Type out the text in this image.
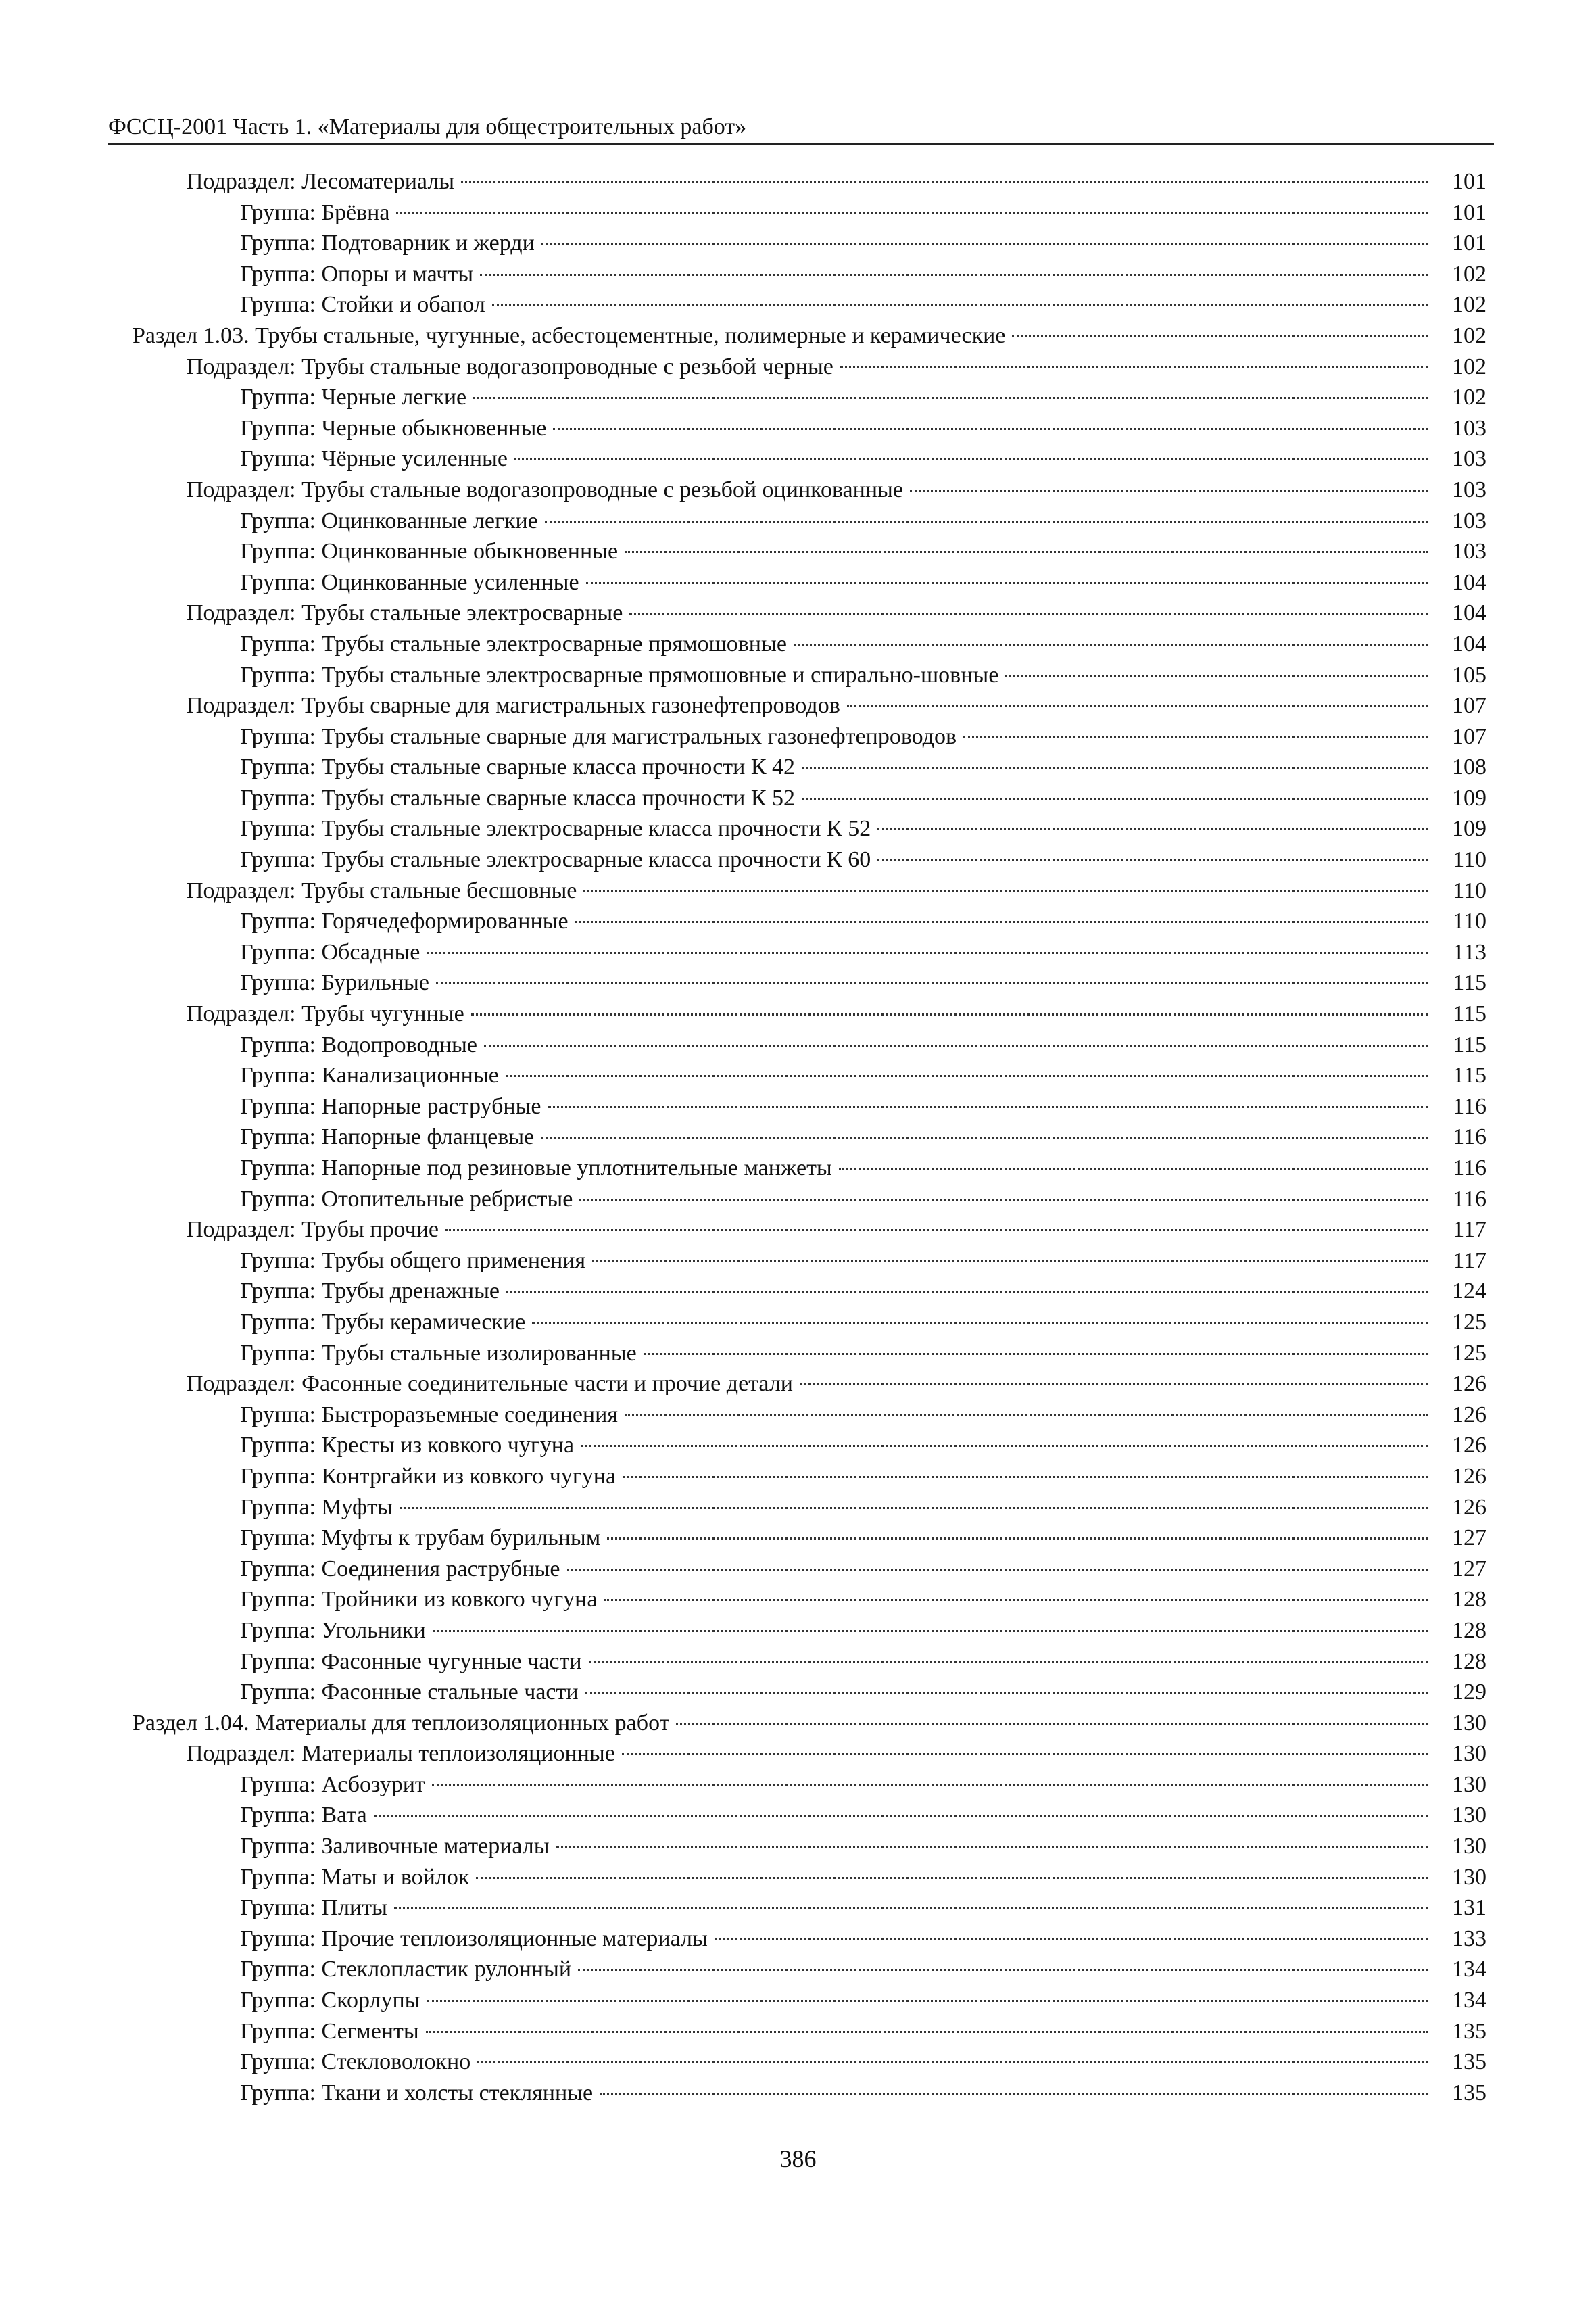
ФССЦ-2001 Часть 1. «Материалы для общестроительных работ»
Подраздел: Лесоматериалы	101
Группа: Брёвна	101
Группа: Подтоварник и жерди	101
Группа: Опоры и мачты	102
Группа: Стойки и обапол	102
Раздел 1.03. Трубы стальные, чугунные, асбестоцементные, полимерные и керамические	102
Подраздел: Трубы стальные водогазопроводные с резьбой черные	102
Группа: Черные легкие	102
Группа: Черные обыкновенные	103
Группа: Чёрные усиленные	103
Подраздел: Трубы стальные водогазопроводные с резьбой оцинкованные	103
Группа: Оцинкованные легкие	103
Группа: Оцинкованные обыкновенные	103
Группа: Оцинкованные усиленные	104
Подраздел: Трубы стальные электросварные	104
Группа: Трубы стальные электросварные прямошовные	104
Группа: Трубы стальные электросварные прямошовные и спирально-шовные	105
Подраздел: Трубы сварные для магистральных газонефтепроводов	107
Группа: Трубы стальные сварные для магистральных газонефтепроводов	107
Группа: Трубы стальные сварные класса прочности К 42	108
Группа: Трубы стальные сварные класса прочности К 52	109
Группа: Трубы стальные электросварные класса прочности К 52	109
Группа: Трубы стальные электросварные класса прочности К 60	110
Подраздел: Трубы стальные бесшовные	110
Группа: Горячедеформированные	110
Группа: Обсадные	113
Группа: Бурильные	115
Подраздел: Трубы чугунные	115
Группа: Водопроводные	115
Группа: Канализационные	115
Группа: Напорные раструбные	116
Группа: Напорные фланцевые	116
Группа: Напорные под резиновые уплотнительные манжеты	116
Группа: Отопительные ребристые	116
Подраздел: Трубы прочие	117
Группа: Трубы общего применения	117
Группа: Трубы дренажные	124
Группа: Трубы керамические	125
Группа: Трубы стальные изолированные	125
Подраздел: Фасонные соединительные части и прочие детали	126
Группа: Быстроразъемные соединения	126
Группа: Кресты из ковкого чугуна	126
Группа: Контргайки из ковкого чугуна	126
Группа: Муфты	126
Группа: Муфты к трубам бурильным	127
Группа: Соединения раструбные	127
Группа: Тройники из ковкого чугуна	128
Группа: Угольники	128
Группа: Фасонные чугунные части	128
Группа: Фасонные стальные части	129
Раздел 1.04. Материалы для теплоизоляционных работ	130
Подраздел: Материалы теплоизоляционные	130
Группа: Асбозурит	130
Группа: Вата	130
Группа: Заливочные материалы	130
Группа: Маты и войлок	130
Группа: Плиты	131
Группа: Прочие теплоизоляционные материалы	133
Группа: Стеклопластик рулонный	134
Группа: Скорлупы	134
Группа: Сегменты	135
Группа: Стекловолокно	135
Группа: Ткани и холсты стеклянные	135
386
